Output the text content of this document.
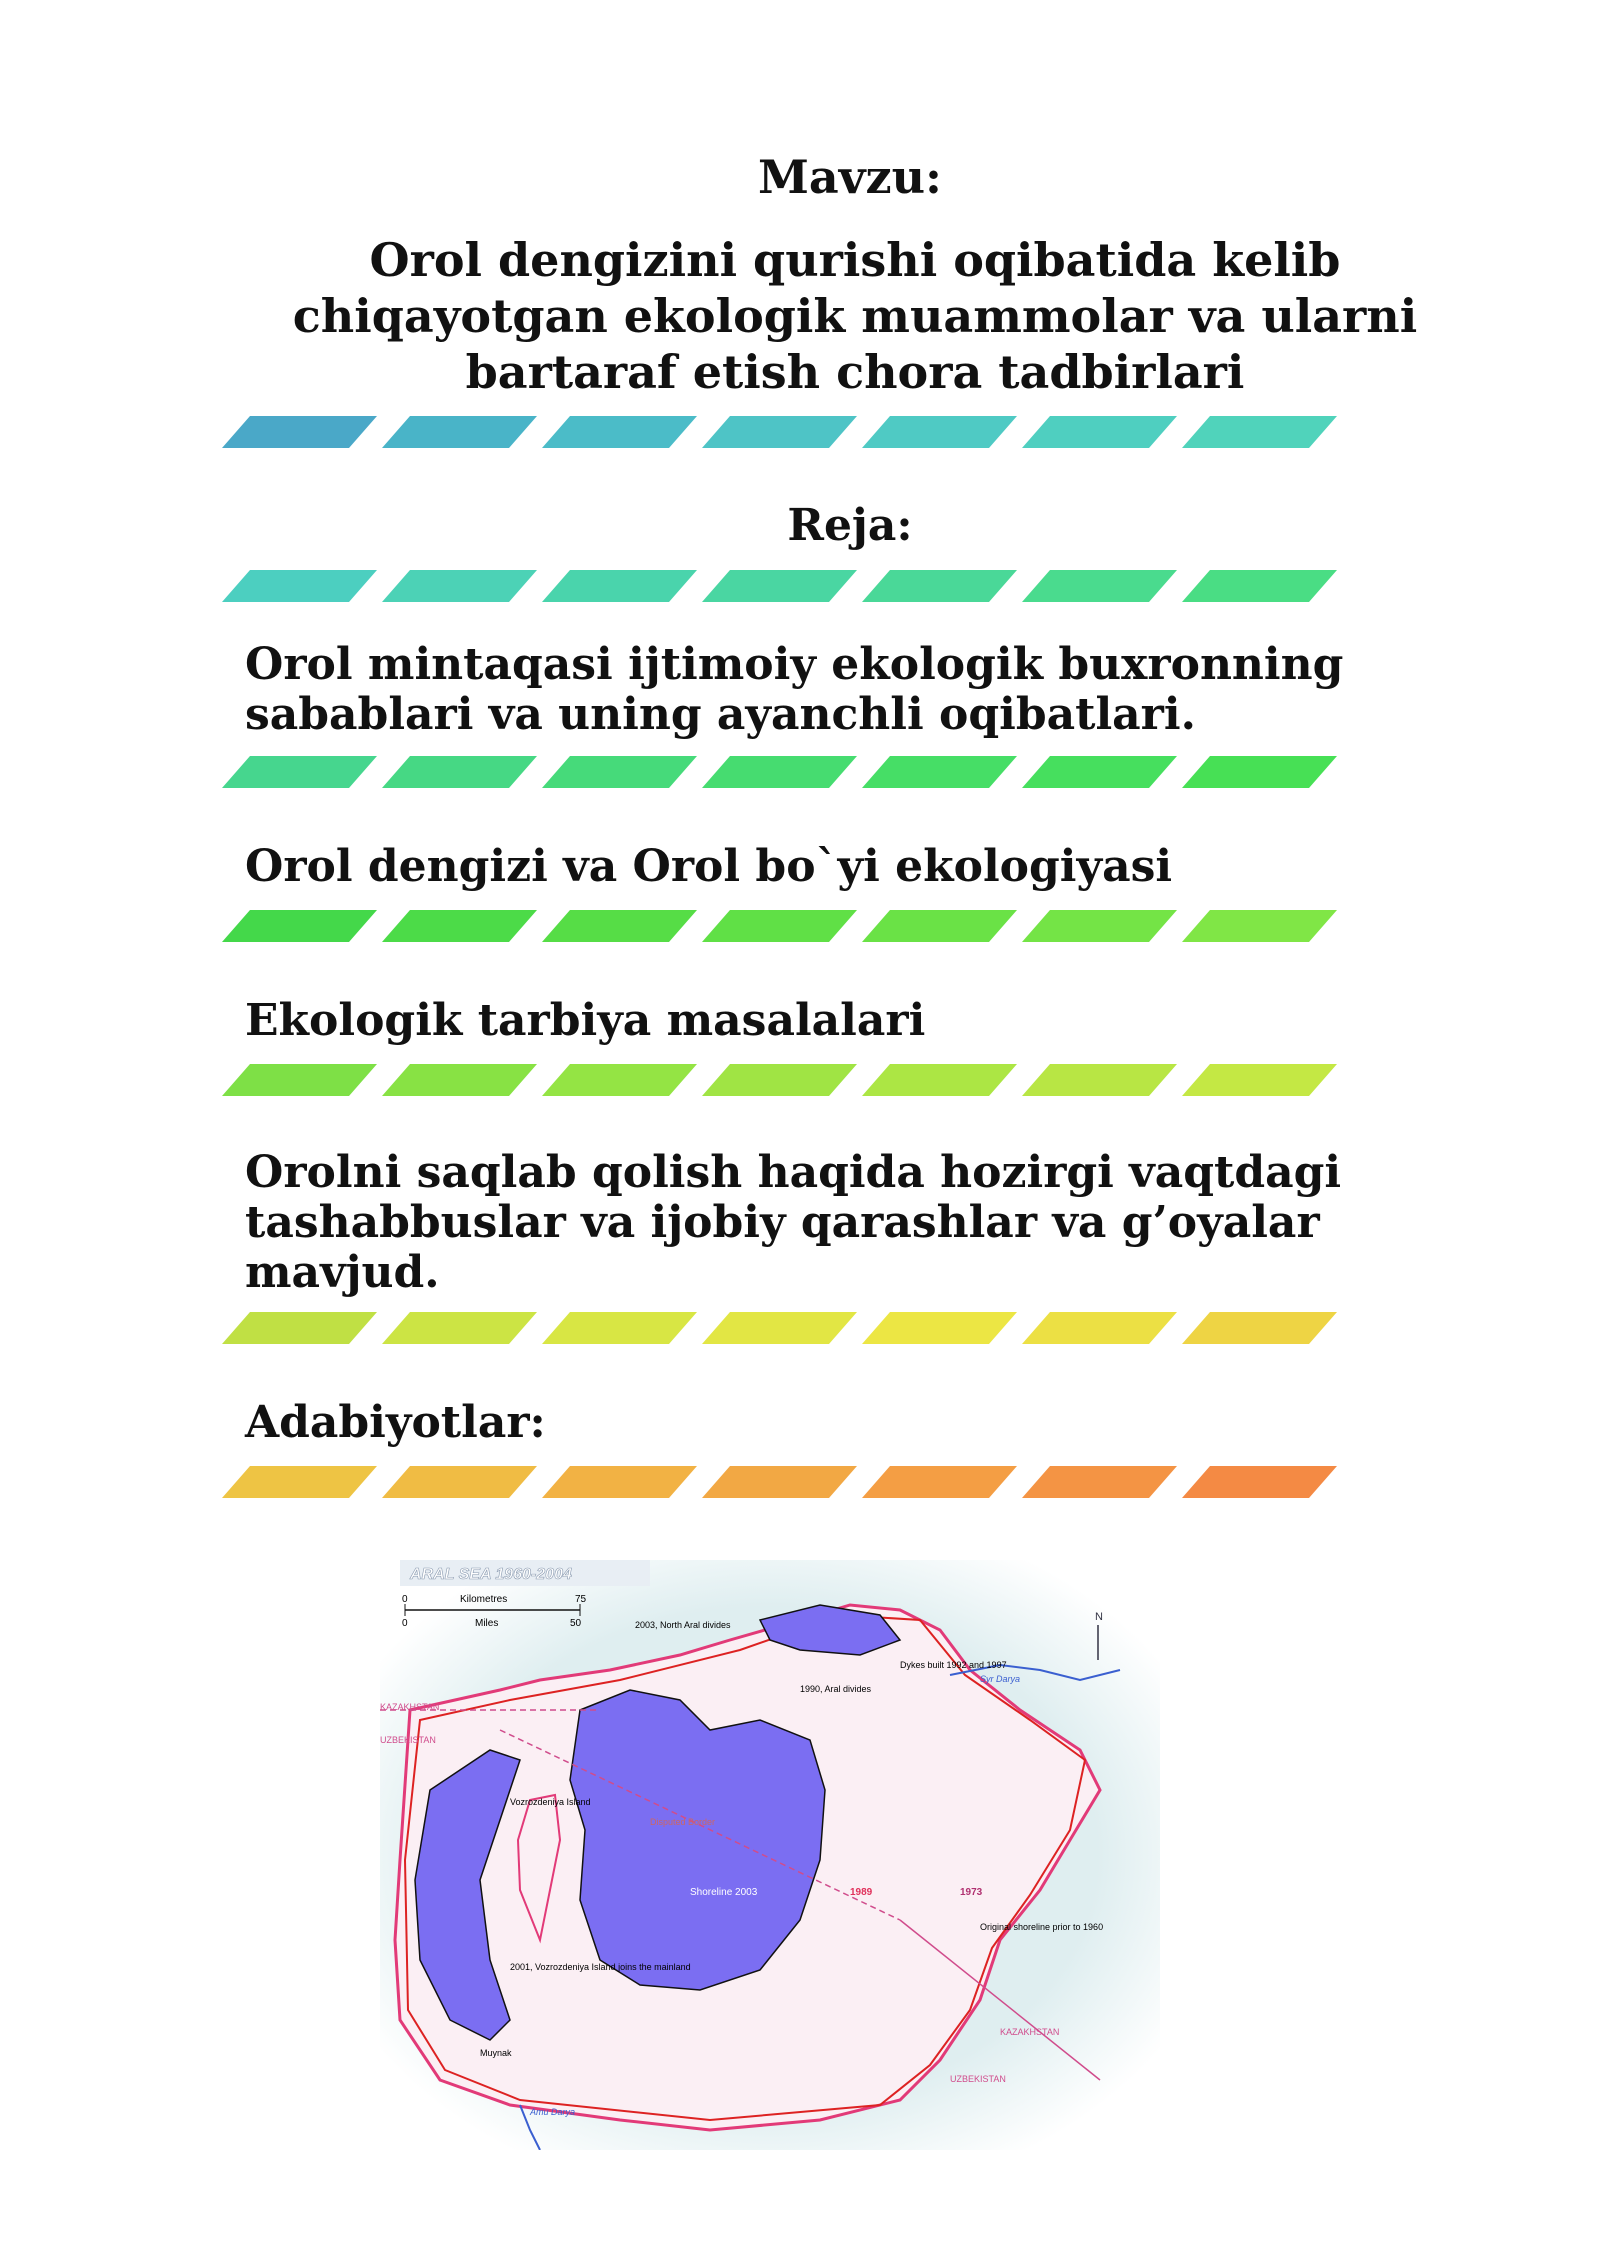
Mavzu:
Orol dengizini qurishi oqibatida kelib chiqayotgan ekologik muammolar va ularni bartaraf etish chora tadbirlari
Reja:
Orol mintaqasi ijtimoiy ekologik buxronning sabablari va uning ayanchli oqibatlari.
Orol dengizi va Orol bo`yi ekologiyasi
Ekologik tarbiya masalalari
Orolni saqlab qolish haqida hozirgi vaqtdagi tashabbuslar va ijobiy qarashlar va g’oyalar mavjud.
Adabiyotlar:
ARAL SEA 1960-2004
0	Kilometres	75
0	Miles	50
N
2003, North Aral divides
Dykes built 1992 and 1997
Syr Darya
1990, Aral divides
KAZAKHSTAN
UZBEKISTAN
Vozrozdeniya Island
Disputed Border
Shoreline 2003	1989	1973
Original shoreline prior to 1960
2001, Vozrozdeniya Island joins the mainland
KAZAKHSTAN
UZBEKISTAN
Muynak
Amu Darya
